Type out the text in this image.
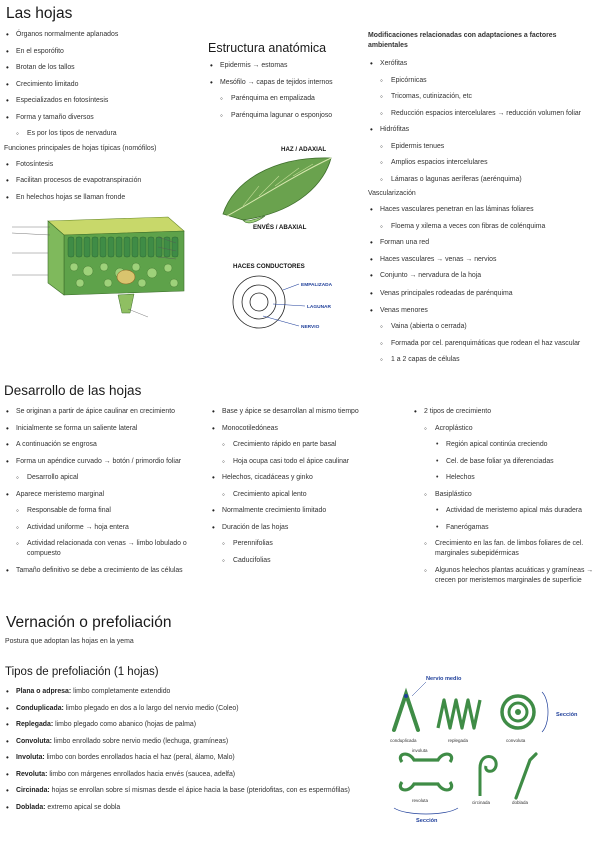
Las hojas
• Órganos normalmente aplanados
• En el esporófito
• Brotan de los tallos
• Crecimiento limitado
• Especializados en fotosíntesis
• Forma y tamaño diversos
◦ Es por los tipos de nervadura
Funciones principales de hojas típicas (nomófilos)
• Fotosíntesis
• Facilitan procesos de evapotranspiración
• En helechos hojas se llaman fronde
Estructura anatómica
• Epidermis → estomas
• Mesófilo → capas de tejidos internos
◦ Parénquima en empalizada
◦ Parénquima lagunar o esponjoso
HAZ / ADAXIAL
ENVÉS / ABAXIAL
HACES CONDUCTORES
EMPALIZADA
LAGUNAR
NERVIO
Modificaciones relacionadas con adaptaciones a factores ambientales
• Xerófitas
◦ Epicórnicas
◦ Tricomas, cutinización, etc
◦ Reducción espacios intercelulares → reducción volumen foliar
• Hidrófitas
◦ Epidermis tenues
◦ Amplios espacios intercelulares
◦ Lámaras o lagunas aeríferas (aerénquima)
Vascularización
• Haces vasculares penetran en las láminas foliares
◦ Floema y xilema a veces con fibras de colénquima
• Forman una red
• Haces vasculares → venas → nervios
• Conjunto → nervadura de la hoja
• Venas principales rodeadas de parénquima
• Venas menores
◦ Vaina (abierta o cerrada)
◦ Formada por cel. parenquimáticas que rodean el haz vascular
◦ 1 a 2 capas de células
Desarrollo de las hojas
• Se originan a partir de ápice caulinar en crecimiento
• Inicialmente se forma un saliente lateral
• A continuación se engrosa
• Forma un apéndice curvado → botón / primordio foliar
◦ Desarrollo apical
• Aparece meristemo marginal
◦ Responsable de forma final
◦ Actividad uniforme → hoja entera
◦ Actividad relacionada con venas → limbo lobulado o compuesto
• Tamaño definitivo se debe a crecimiento de las células
• Base y ápice se desarrollan al mismo tiempo
• Monocotiledóneas
◦ Crecimiento rápido en parte basal
◦ Hoja ocupa casi todo el ápice caulinar
• Helechos, cicadáceas y ginko
◦ Crecimiento apical lento
• Normalmente crecimiento limitado
• Duración de las hojas
◦ Perennifolias
◦ Caducifolias
• 2 tipos de crecimiento
◦ Acroplástico
• Región apical continúa creciendo
• Cel. de base foliar ya diferenciadas
• Helechos
◦ Basiplástico
• Actividad de meristemo apical más duradera
• Fanerógamas
◦ Crecimiento en las fan. de limbos foliares de cel. marginales subepidérmicas
◦ Algunos helechos plantas acuáticas y gramíneas → crecen por meristemos marginales de superficie
Vernación o prefoliación
Postura que adoptan las hojas en la yema
Tipos de prefoliación (1 hojas)
• Plana o adpresa: limbo completamente extendido
• Conduplicada: limbo plegado en dos a lo largo del nervio medio (Coleo)
• Replegada: limbo plegado como abanico (hojas de palma)
• Convoluta: limbo enrollado sobre nervio medio (lechuga, gramíneas)
• Involuta: limbo con bordes enrollados hacia el haz (peral, álamo, Malo)
• Revoluta: limbo con márgenes enrollados hacia envés (saucea, adelfa)
• Circinada: hojas se enrollan sobre sí mismas desde el ápice hacia la base (pteridofitas, con es espermófilas)
• Doblada: extremo apical se dobla
Nervio medio
Sección
conduplicada	replegada	convoluta
involuta
revoluta	circinada	doblada
Sección
